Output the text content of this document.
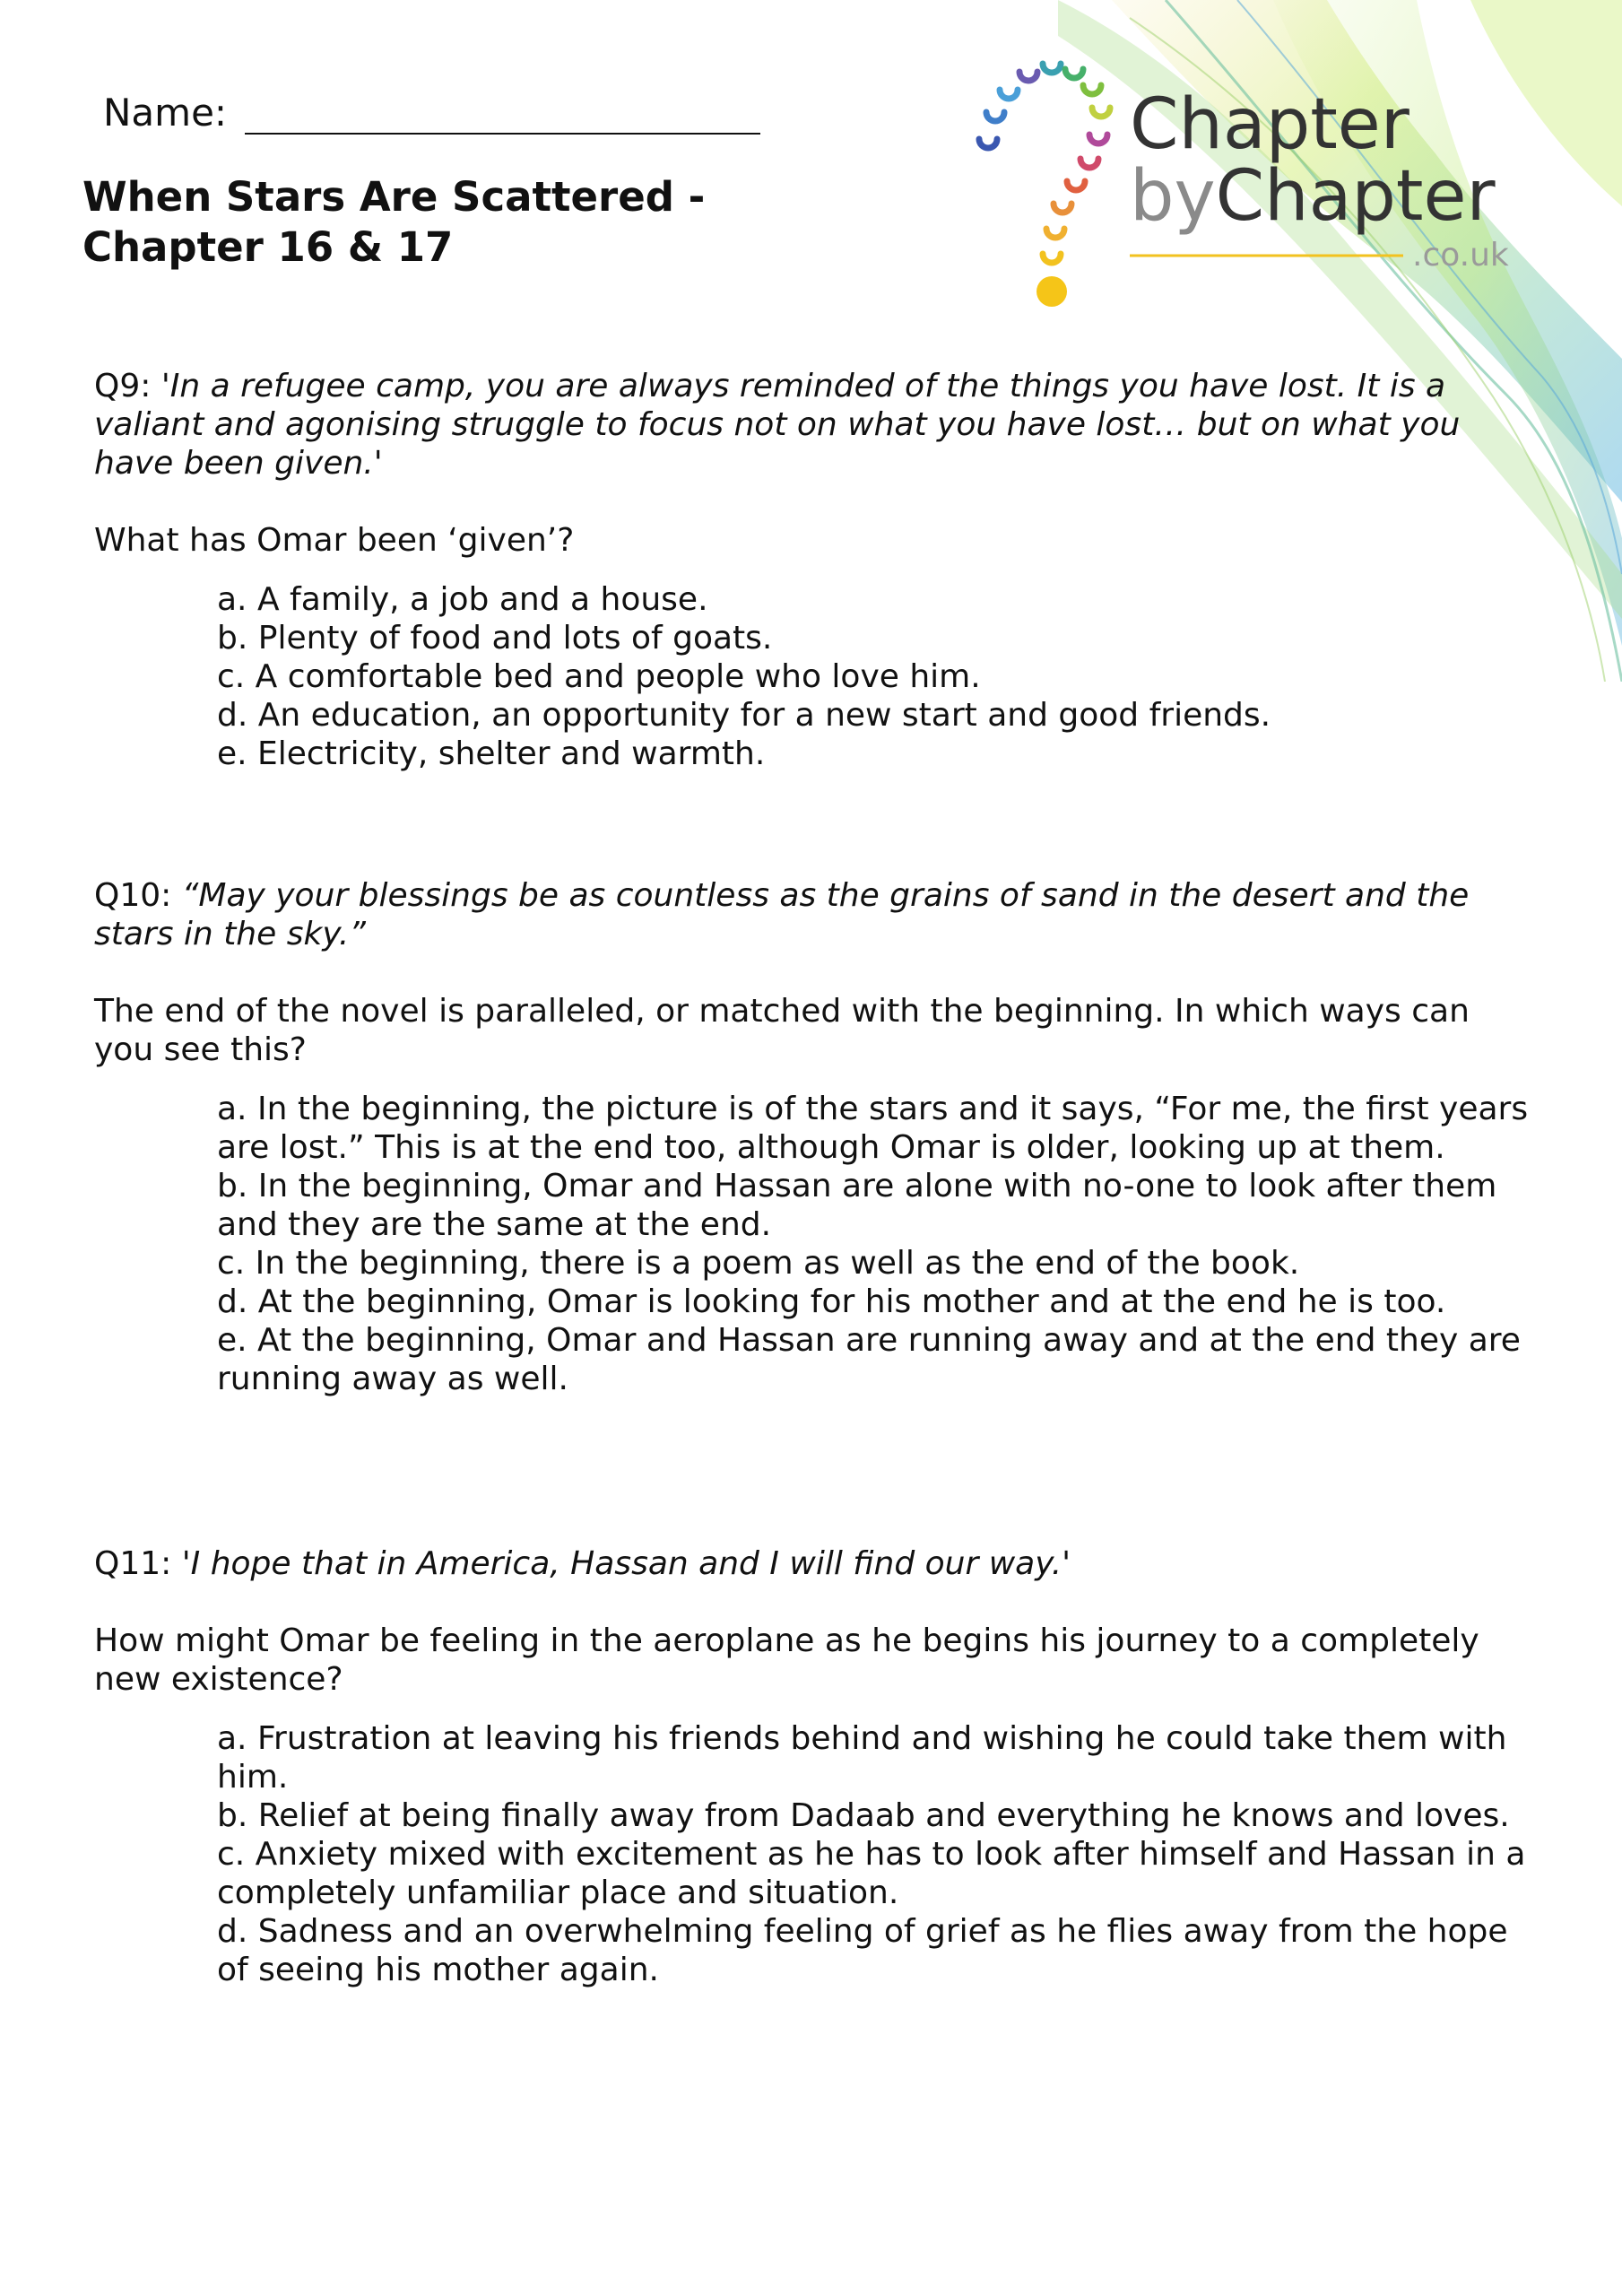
Chapter
byChapter
.co.uk
Name:
When Stars Are Scattered -
Chapter 16 & 17

Q9: 'In a refugee camp, you are always reminded of the things you have lost. It is a valiant and agonising struggle to focus not on what you have lost… but on what you have been given.'

What has Omar been ‘given’?

a. A family, a job and a house.
b. Plenty of food and lots of goats.
c. A comfortable bed and people who love him.
d. An education, an opportunity for a new start and good friends.
e. Electricity, shelter and warmth.

Q10: “May your blessings be as countless as the grains of sand in the desert and the stars in the sky.”

The end of the novel is paralleled, or matched with the beginning. In which ways can you see this?

a. In the beginning, the picture is of the stars and it says, “For me, the first years are lost.” This is at the end too, although Omar is older, looking up at them.
b. In the beginning, Omar and Hassan are alone with no-one to look after them and they are the same at the end.
c. In the beginning, there is a poem as well as the end of the book.
d. At the beginning, Omar is looking for his mother and at the end he is too.
e. At the beginning, Omar and Hassan are running away and at the end they are running away as well.

Q11: 'I hope that in America, Hassan and I will find our way.'

How might Omar be feeling in the aeroplane as he begins his journey to a completely new existence?

a. Frustration at leaving his friends behind and wishing he could take them with him.
b. Relief at being finally away from Dadaab and everything he knows and loves.
c. Anxiety mixed with excitement as he has to look after himself and Hassan in a completely unfamiliar place and situation.
d. Sadness and an overwhelming feeling of grief as he flies away from the hope of seeing his mother again.
